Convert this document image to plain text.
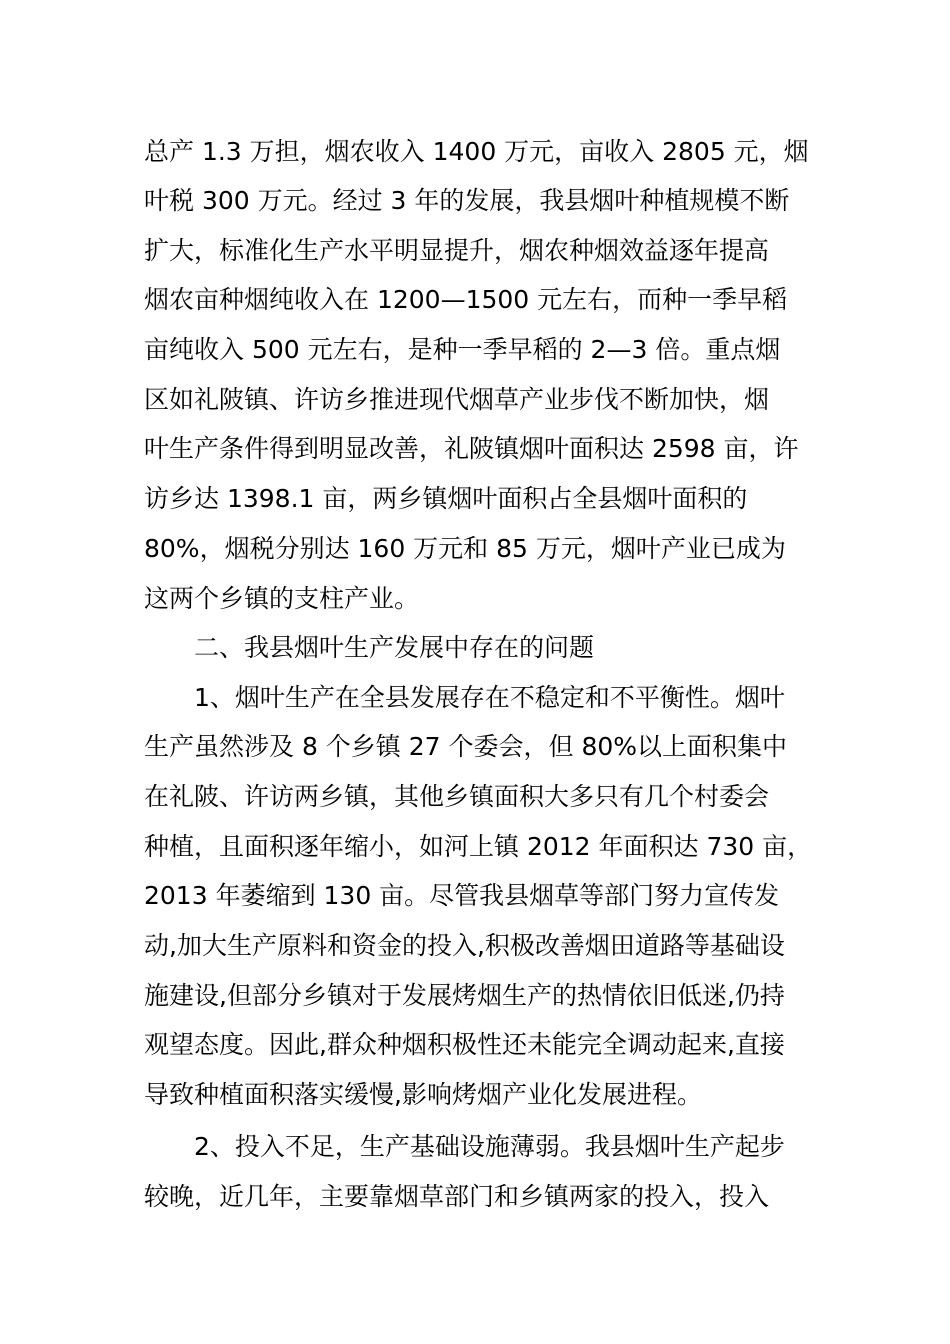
总产 1.3 万担，烟农收入 1400 万元，亩收入 2805 元，烟
叶税 300 万元。经过 3 年的发展，我县烟叶种植规模不断
扩大，标准化生产水平明显提升，烟农种烟效益逐年提高
烟农亩种烟纯收入在 1200—1500 元左右，而种一季早稻
亩纯收入 500 元左右，是种一季早稻的 2—3 倍。重点烟
区如礼陂镇、许访乡推进现代烟草产业步伐不断加快，烟
叶生产条件得到明显改善，礼陂镇烟叶面积达 2598 亩，许
访乡达 1398.1 亩，两乡镇烟叶面积占全县烟叶面积的
80%，烟税分别达 160 万元和 85 万元，烟叶产业已成为
这两个乡镇的支柱产业。
二、我县烟叶生产发展中存在的问题
1、烟叶生产在全县发展存在不稳定和不平衡性。烟叶
生产虽然涉及 8 个乡镇 27 个委会，但 80%以上面积集中
在礼陂、许访两乡镇，其他乡镇面积大多只有几个村委会
种植，且面积逐年缩小，如河上镇 2012 年面积达 730 亩，
2013 年萎缩到 130 亩。尽管我县烟草等部门努力宣传发
动,加大生产原料和资金的投入,积极改善烟田道路等基础设
施建设,但部分乡镇对于发展烤烟生产的热情依旧低迷,仍持
观望态度。因此,群众种烟积极性还未能完全调动起来,直接
导致种植面积落实缓慢,影响烤烟产业化发展进程。
2、投入不足，生产基础设施薄弱。我县烟叶生产起步
较晚，近几年，主要靠烟草部门和乡镇两家的投入，投入
